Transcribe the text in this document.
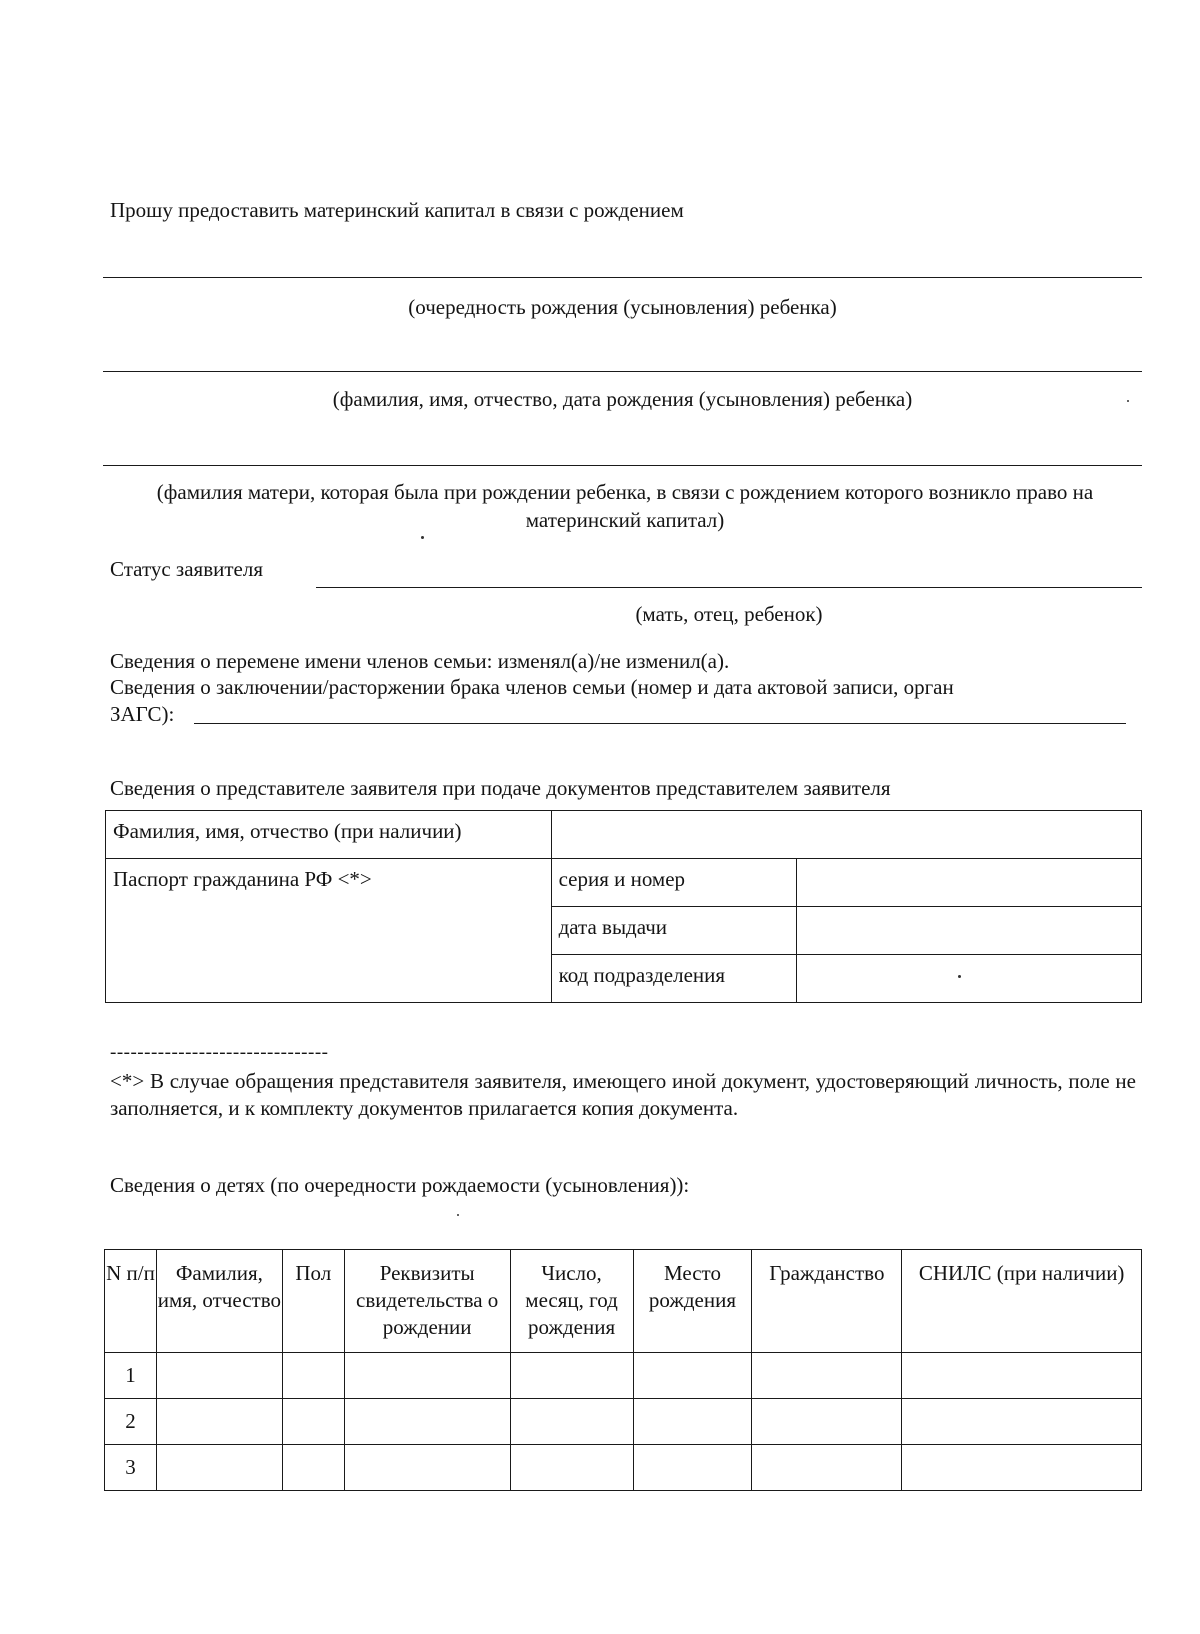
Прошу предоставить материнский капитал в связи с рождением
(очередность рождения (усыновления) ребенка)
(фамилия, имя, отчество, дата рождения (усыновления) ребенка)
(фамилия матери, которая была при рождении ребенка, в связи с рождением которого возникло право на материнский капитал)
Статус заявителя
(мать, отец, ребенок)
Сведения о перемене имени членов семьи: изменял(а)/не изменил(а).
Сведения о заключении/расторжении брака членов семьи (номер и дата актовой записи, орган
ЗАГС):
Сведения о представителе заявителя при подаче документов представителем заявителя
Фамилия, имя, отчество (при наличии)		
Паспорт гражданина РФ <*>	серия и номер	
	дата выдачи	
	код подразделения	
--------------------------------
<*> В случае обращения представителя заявителя, имеющего иной документ, удостоверяющий личность, поле не заполняется, и к комплекту документов прилагается копия документа.
Сведения о детях (по очередности рождаемости (усыновления)):
N п/п	Фамилия, имя, отчество	Пол	Реквизиты свидетельства о рождении	Число, месяц, год рождения	Место рождения	Гражданство	СНИЛС (при наличии)
1							
2							
3							
